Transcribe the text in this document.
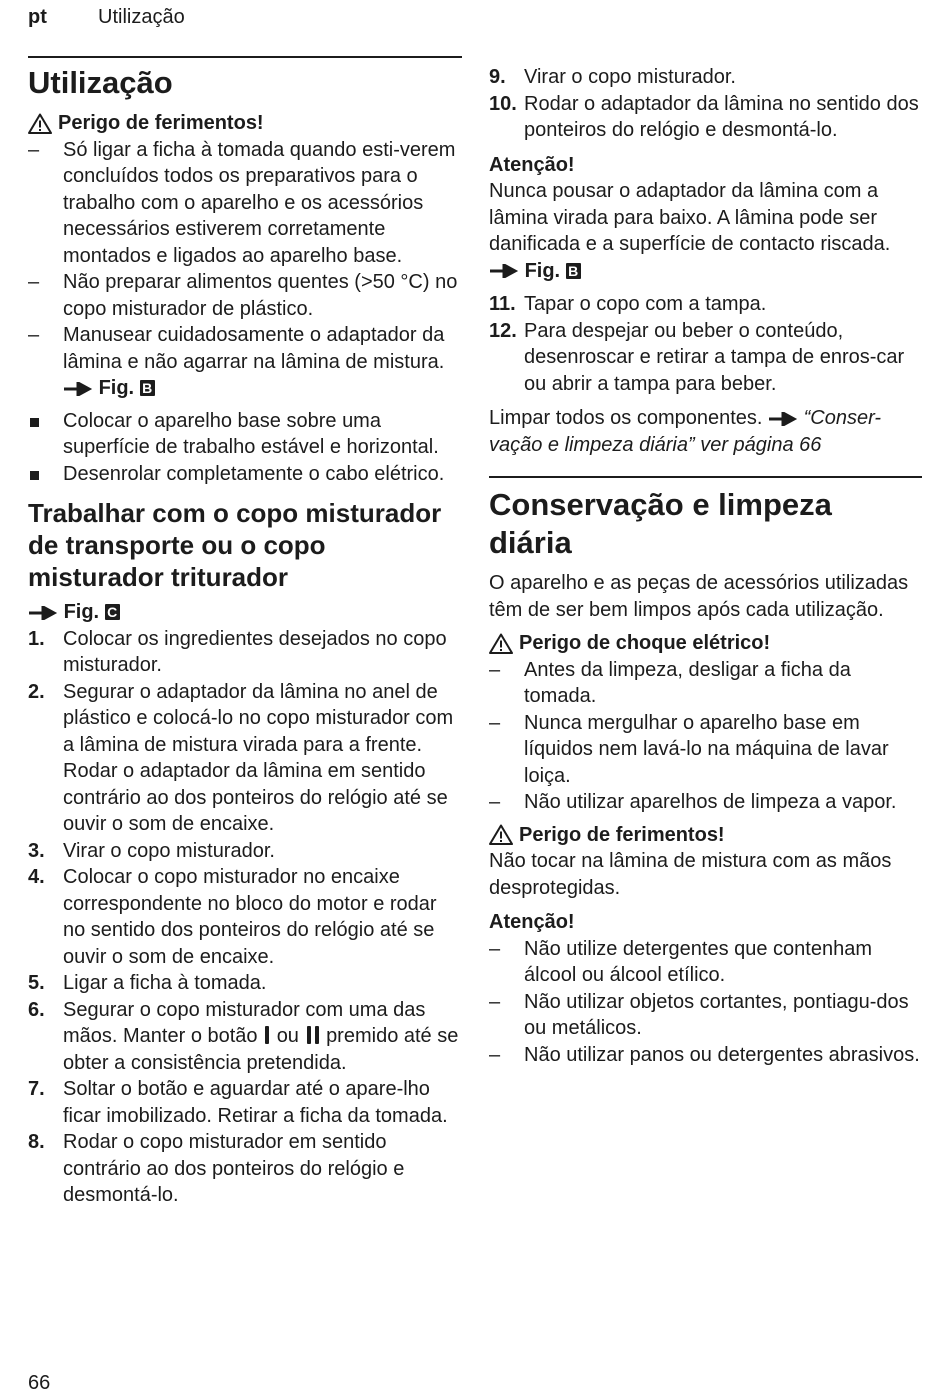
pt	Utilização
Utilização
Perigo de ferimentos!
–	Só ligar a ficha à tomada quando esti-verem concluídos todos os preparativos para o trabalho com o aparelho e os acessórios necessários estiverem corretamente montados e ligados ao aparelho base.
–	Não preparar alimentos quentes (>50 °C) no copo misturador de plástico.
–	Manusear cuidadosamente o adaptador da lâmina e não agarrar na lâmina de mistura.  Fig. B
Colocar o aparelho base sobre uma superfície de trabalho estável e horizontal.
Desenrolar completamente o cabo elétrico.
Trabalhar com o copo misturador de transporte ou o copo misturador triturador
Fig. C
1. Colocar os ingredientes desejados no copo misturador.
2. Segurar o adaptador da lâmina no anel de plástico e colocá-lo no copo misturador com a lâmina de mistura virada para a frente. Rodar o adaptador da lâmina em sentido contrário ao dos ponteiros do relógio até se ouvir o som de encaixe.
3. Virar o copo misturador.
4. Colocar o copo misturador no encaixe correspondente no bloco do motor e rodar no sentido dos ponteiros do relógio até se ouvir o som de encaixe.
5. Ligar a ficha à tomada.
6. Segurar o copo misturador com uma das mãos. Manter o botão ou premido até se obter a consistência pretendida.
7. Soltar o botão e aguardar até o apare-lho ficar imobilizado. Retirar a ficha da tomada.
8. Rodar o copo misturador em sentido contrário ao dos ponteiros do relógio e desmontá-lo.
9. Virar o copo misturador.
10. Rodar o adaptador da lâmina no sentido dos ponteiros do relógio e desmontá-lo.
Atenção!

Nunca pousar o adaptador da lâmina com a lâmina virada para baixo. A lâmina pode ser danificada e a superfície de contacto riscada.  Fig. B

11. Tapar o copo com a tampa.
12. Para despejar ou beber o conteúdo, desenroscar e retirar a tampa de enros-car ou abrir a tampa para beber.

Limpar todos os componentes. “Conser-vação e limpeza diária” ver página 66

Conservação e limpeza diária

O aparelho e as peças de acessórios utilizadas têm de ser bem limpos após cada utilização.

Perigo de choque elétrico!
–	Antes da limpeza, desligar a ficha da tomada.
–	Nunca mergulhar o aparelho base em líquidos nem lavá-lo na máquina de lavar loiça.
–	Não utilizar aparelhos de limpeza a vapor.
Perigo de ferimentos!

Não tocar na lâmina de mistura com as mãos desprotegidas.

Atenção!
–	Não utilize detergentes que contenham álcool ou álcool etílico.
–	Não utilizar objetos cortantes, pontiagu-dos ou metálicos.
–	Não utilizar panos ou detergentes abrasivos.
66
